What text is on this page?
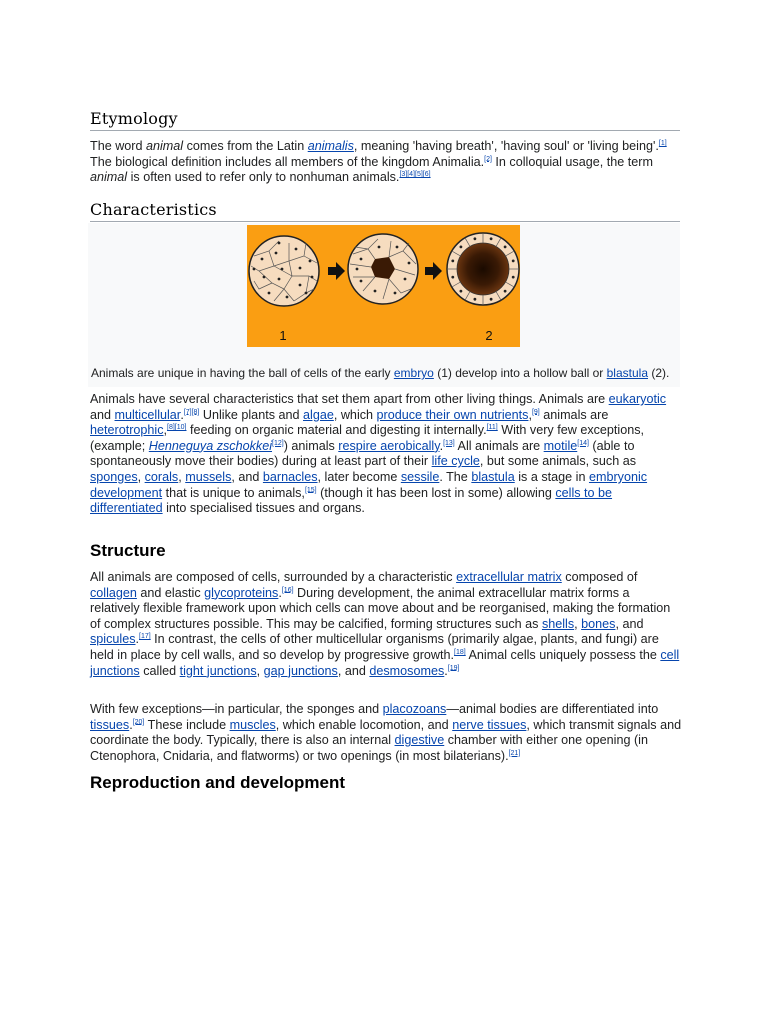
Etymology

The word animal comes from the Latin animalis, meaning 'having breath', 'having soul' or 'living being'.[1] The biological definition includes all members of the kingdom Animalia.[2] In colloquial usage, the term animal is often used to refer only to nonhuman animals.[3][4][5][6]

Characteristics

Animals have several characteristics that set them apart from other living things. Animals are eukaryotic and multicellular.[7][8] Unlike plants and algae, which produce their own nutrients,[9] animals are heterotrophic,[8][10] feeding on organic material and digesting it internally.[11] With very few exceptions, (example; Henneguya zschokkei[12]) animals respire aerobically.[13] All animals are motile[14] (able to spontaneously move their bodies) during at least part of their life cycle, but some animals, such as sponges, corals, mussels, and barnacles, later become sessile. The blastula is a stage in embryonic development that is unique to animals,[15] (though it has been lost in some) allowing cells to be differentiated into specialised tissues and organs.

Structure

All animals are composed of cells, surrounded by a characteristic extracellular matrix composed of collagen and elastic glycoproteins.[16] During development, the animal extracellular matrix forms a relatively flexible framework upon which cells can move about and be reorganised, making the formation of complex structures possible. This may be calcified, forming structures such as shells, bones, and spicules.[17] In contrast, the cells of other multicellular organisms (primarily algae, plants, and fungi) are held in place by cell walls, and so develop by progressive growth.[18] Animal cells uniquely possess the cell junctions called tight junctions, gap junctions, and desmosomes.[19]

With few exceptions—in particular, the sponges and placozoans—animal bodies are differentiated into tissues.[20] These include muscles, which enable locomotion, and nerve tissues, which transmit signals and coordinate the body. Typically, there is also an internal digestive chamber with either one opening (in Ctenophora, Cnidaria, and flatworms) or two openings (in most bilaterians).[21]

Reproduction and development
1	2
Animals are unique in having the ball of cells of the early embryo (1) develop into a hollow ball or blastula (2).
